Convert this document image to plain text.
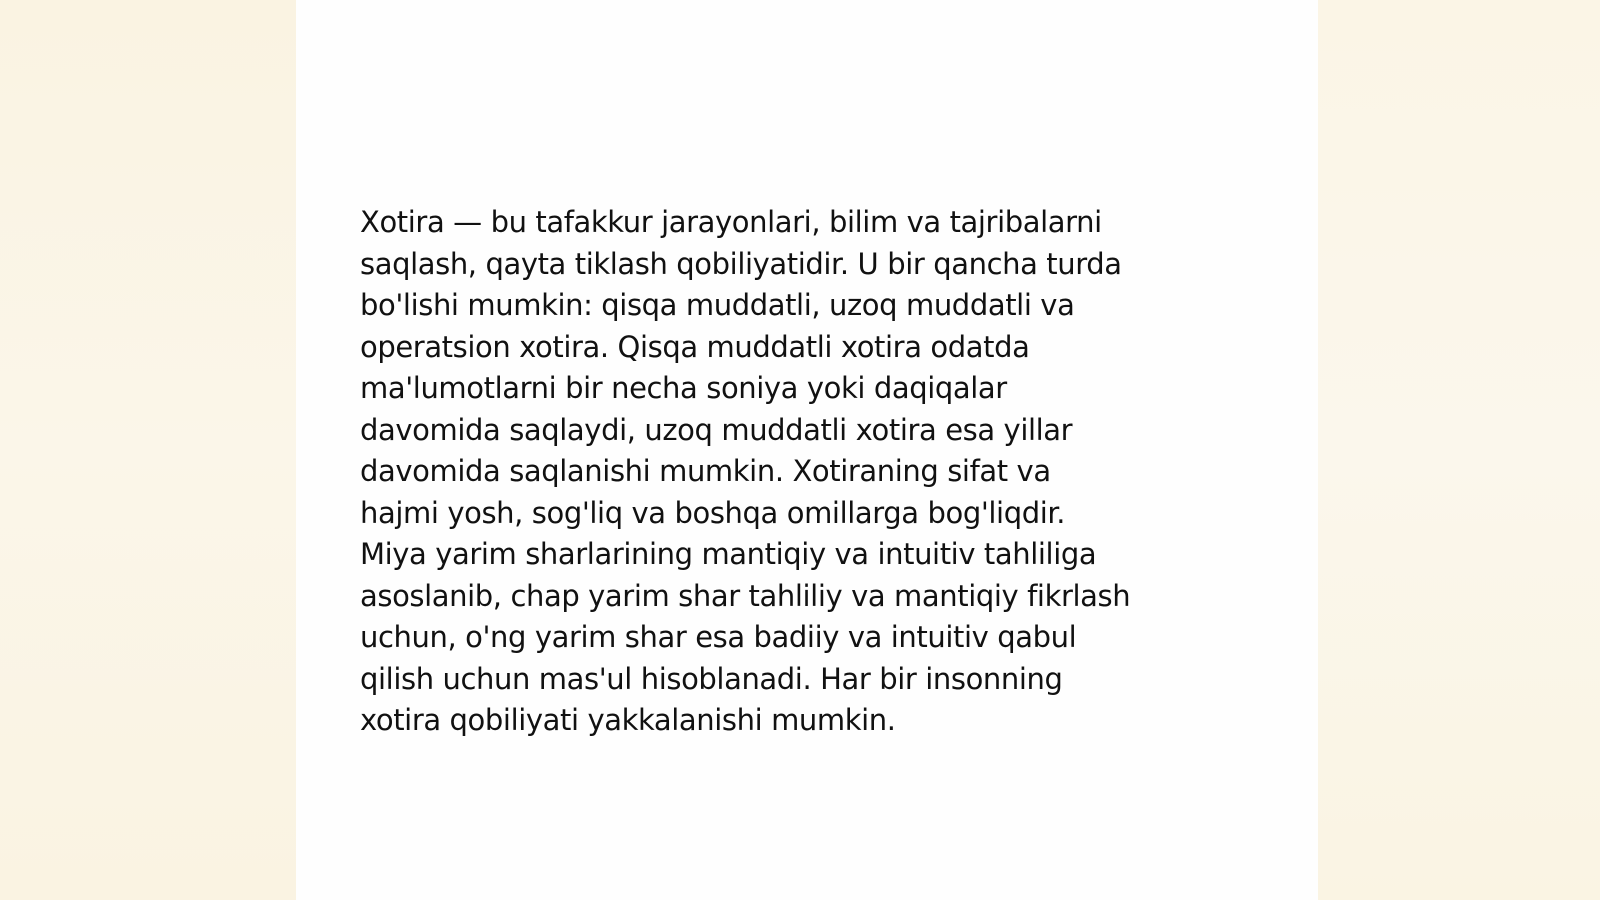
Xotira — bu tafakkur jarayonlari, bilim va tajribalarni
saqlash, qayta tiklash qobiliyatidir. U bir qancha turda
bo'lishi mumkin: qisqa muddatli, uzoq muddatli va
operatsion xotira. Qisqa muddatli xotira odatda
ma'lumotlarni bir necha soniya yoki daqiqalar
davomida saqlaydi, uzoq muddatli xotira esa yillar
davomida saqlanishi mumkin. Xotiraning sifat va
hajmi yosh, sog'liq va boshqa omillarga bog'liqdir.
Miya yarim sharlarining mantiqiy va intuitiv tahliliga
asoslanib, chap yarim shar tahliliy va mantiqiy fikrlash
uchun, o'ng yarim shar esa badiiy va intuitiv qabul
qilish uchun mas'ul hisoblanadi. Har bir insonning
xotira qobiliyati yakkalanishi mumkin.
